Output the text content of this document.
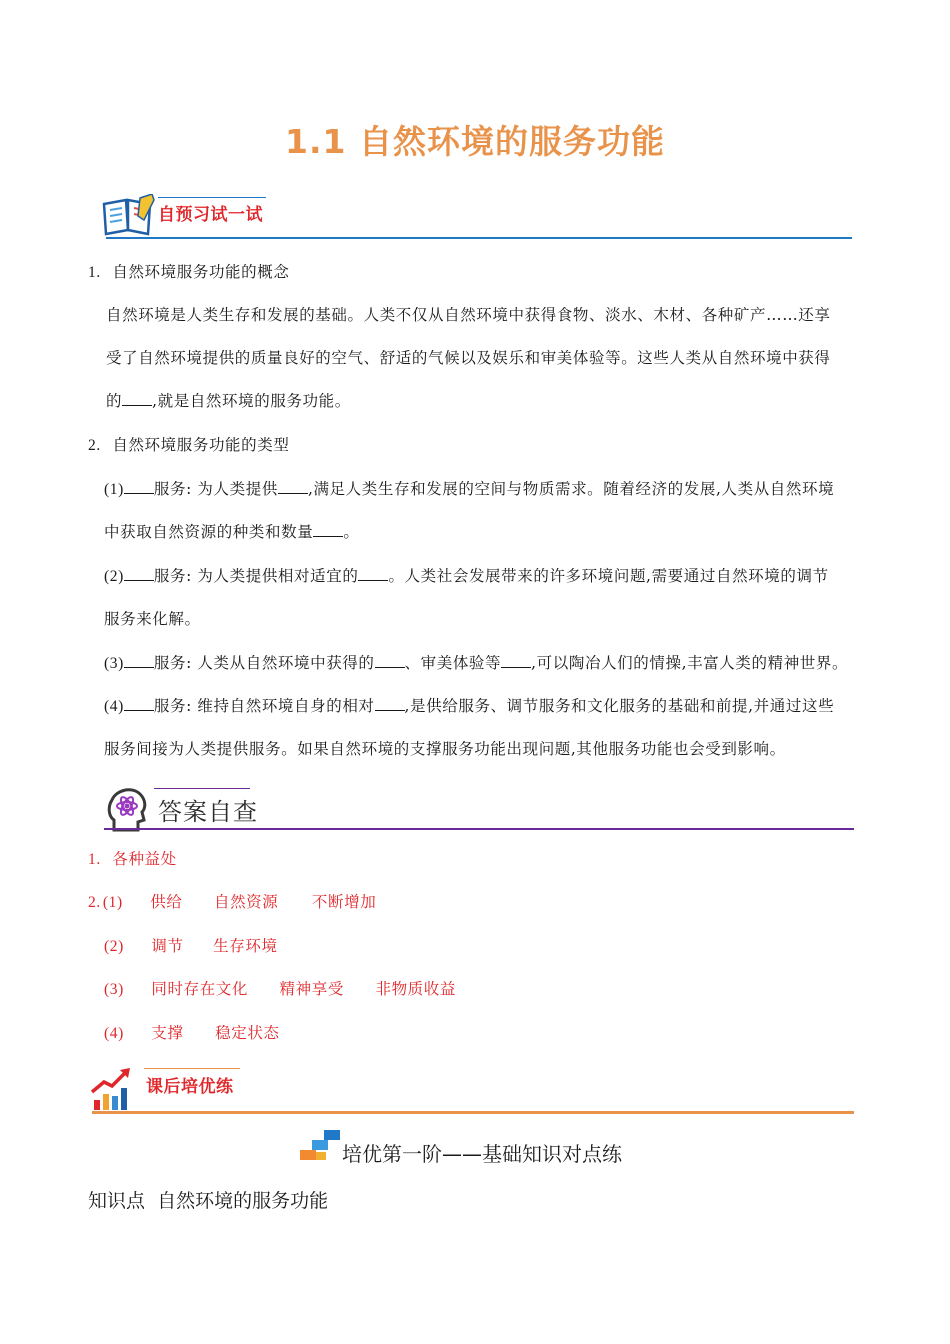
1.1 自然环境的服务功能
自预习试一试
1. 自然环境服务功能的概念
自然环境是人类生存和发展的基础。人类不仅从自然环境中获得食物、淡水、木材、各种矿产……还享
受了自然环境提供的质量良好的空气、舒适的气候以及娱乐和审美体验等。这些人类从自然环境中获得
的 ,就是自然环境的服务功能。
2. 自然环境服务功能的类型
(1) 服务: 为人类提供 ,满足人类生存和发展的空间与物质需求。随着经济的发展,人类从自然环境
中获取自然资源的种类和数量 。
(2) 服务: 为人类提供相对适宜的 。人类社会发展带来的许多环境问题,需要通过自然环境的调节
服务来化解。
(3) 服务: 人类从自然环境中获得的 、审美体验等 ,可以陶冶人们的情操,丰富人类的精神世界。
(4) 服务: 维持自然环境自身的相对 ,是供给服务、调节服务和文化服务的基础和前提,并通过这些
服务间接为人类提供服务。如果自然环境的支撑服务功能出现问题,其他服务功能也会受到影响。
答案自查
1. 各种益处
2. (1) 供给 自然资源 不断增加
(2) 调节 生存环境
(3) 同时存在文化 精神享受 非物质收益
(4) 支撑 稳定状态
课后培优练
培优第一阶——基础知识对点练
知识点  自然环境的服务功能
